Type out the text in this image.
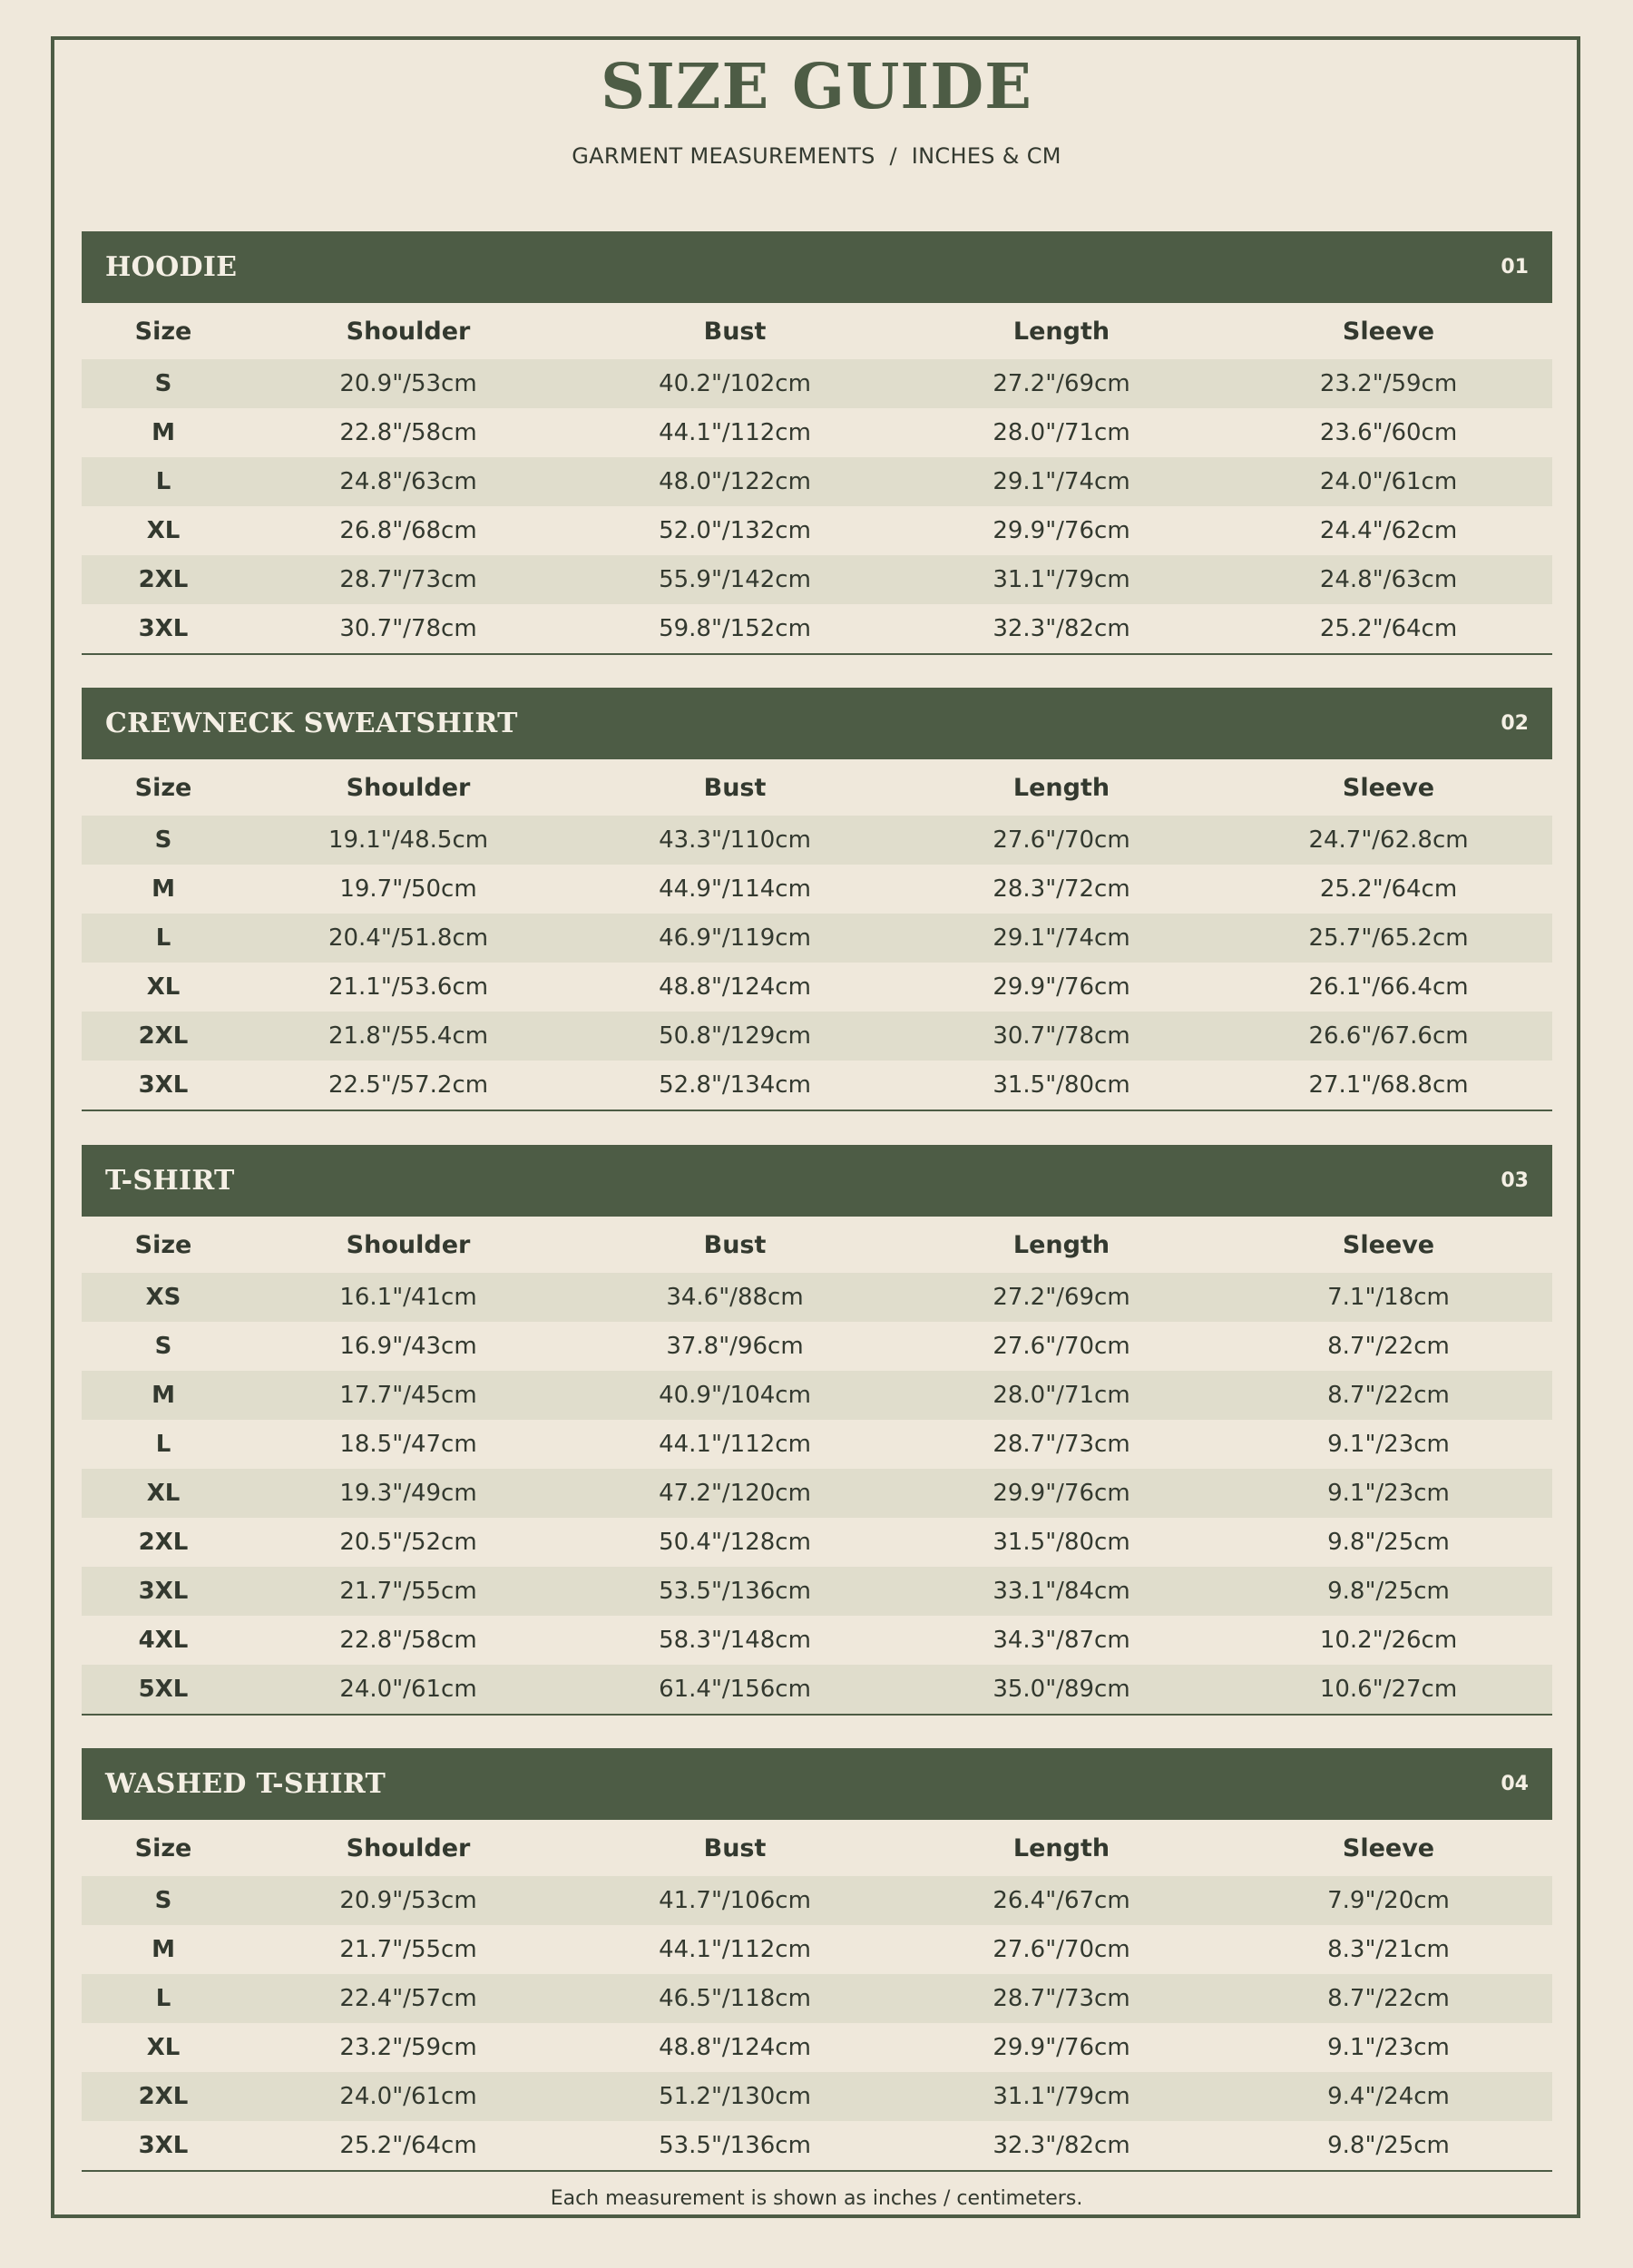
SIZE GUIDE
GARMENT MEASUREMENTS  /  INCHES & CM
HOODIE	01
Size	Shoulder	Bust	Length	Sleeve
S	20.9"/53cm	40.2"/102cm	27.2"/69cm	23.2"/59cm
M	22.8"/58cm	44.1"/112cm	28.0"/71cm	23.6"/60cm
L	24.8"/63cm	48.0"/122cm	29.1"/74cm	24.0"/61cm
XL	26.8"/68cm	52.0"/132cm	29.9"/76cm	24.4"/62cm
2XL	28.7"/73cm	55.9"/142cm	31.1"/79cm	24.8"/63cm
3XL	30.7"/78cm	59.8"/152cm	32.3"/82cm	25.2"/64cm
CREWNECK SWEATSHIRT	02
Size	Shoulder	Bust	Length	Sleeve
S	19.1"/48.5cm	43.3"/110cm	27.6"/70cm	24.7"/62.8cm
M	19.7"/50cm	44.9"/114cm	28.3"/72cm	25.2"/64cm
L	20.4"/51.8cm	46.9"/119cm	29.1"/74cm	25.7"/65.2cm
XL	21.1"/53.6cm	48.8"/124cm	29.9"/76cm	26.1"/66.4cm
2XL	21.8"/55.4cm	50.8"/129cm	30.7"/78cm	26.6"/67.6cm
3XL	22.5"/57.2cm	52.8"/134cm	31.5"/80cm	27.1"/68.8cm
T-SHIRT	03
Size	Shoulder	Bust	Length	Sleeve
XS	16.1"/41cm	34.6"/88cm	27.2"/69cm	7.1"/18cm
S	16.9"/43cm	37.8"/96cm	27.6"/70cm	8.7"/22cm
M	17.7"/45cm	40.9"/104cm	28.0"/71cm	8.7"/22cm
L	18.5"/47cm	44.1"/112cm	28.7"/73cm	9.1"/23cm
XL	19.3"/49cm	47.2"/120cm	29.9"/76cm	9.1"/23cm
2XL	20.5"/52cm	50.4"/128cm	31.5"/80cm	9.8"/25cm
3XL	21.7"/55cm	53.5"/136cm	33.1"/84cm	9.8"/25cm
4XL	22.8"/58cm	58.3"/148cm	34.3"/87cm	10.2"/26cm
5XL	24.0"/61cm	61.4"/156cm	35.0"/89cm	10.6"/27cm
WASHED T-SHIRT	04
Size	Shoulder	Bust	Length	Sleeve
S	20.9"/53cm	41.7"/106cm	26.4"/67cm	7.9"/20cm
M	21.7"/55cm	44.1"/112cm	27.6"/70cm	8.3"/21cm
L	22.4"/57cm	46.5"/118cm	28.7"/73cm	8.7"/22cm
XL	23.2"/59cm	48.8"/124cm	29.9"/76cm	9.1"/23cm
2XL	24.0"/61cm	51.2"/130cm	31.1"/79cm	9.4"/24cm
3XL	25.2"/64cm	53.5"/136cm	32.3"/82cm	9.8"/25cm
Each measurement is shown as inches / centimeters.
